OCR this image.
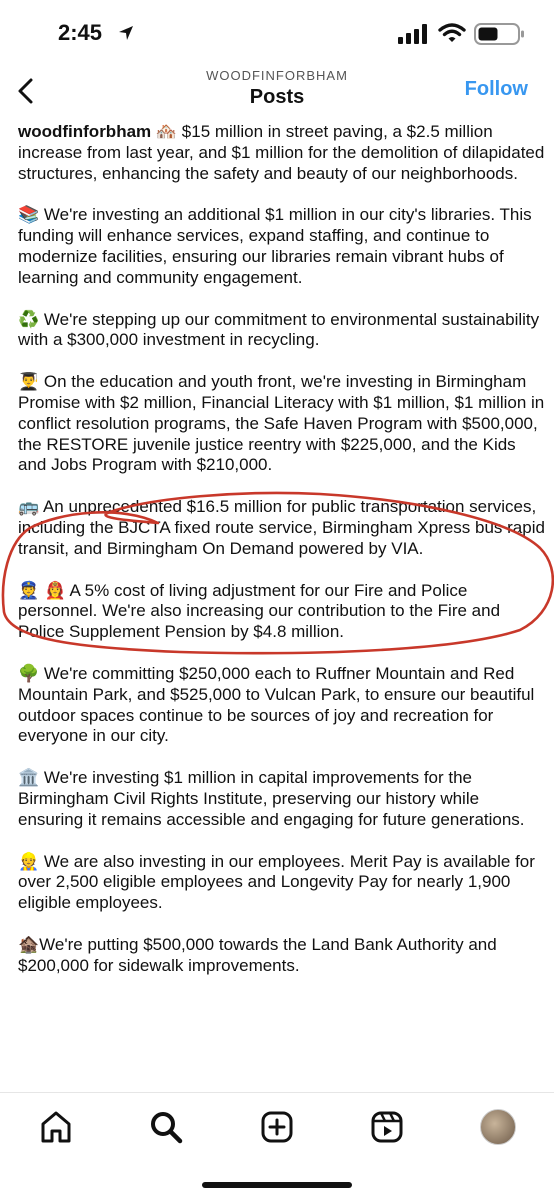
2:45
WOODFINFORBHAM
Posts	Follow

woodfinforbham 🏘️ $15 million in street paving, a $2.5 million increase from last year, and $1 million for the demolition of dilapidated structures, enhancing the safety and beauty of our neighborhoods.

📚 We're investing an additional $1 million in our city's libraries. This funding will enhance services, expand staffing, and continue to modernize facilities, ensuring our libraries remain vibrant hubs of learning and community engagement.

♻️ We're stepping up our commitment to environmental sustainability with a $300,000 investment in recycling.

👨‍🎓 On the education and youth front, we're investing in Birmingham Promise with $2 million, Financial Literacy with $1 million, $1 million in conflict resolution programs, the Safe Haven Program with $500,000, the RESTORE juvenile justice reentry with $225,000, and the Kids and Jobs Program with $210,000.

🚌 An unprecedented $16.5 million for public transportation services, including the BJCTA fixed route service, Birmingham Xpress bus rapid transit, and Birmingham On Demand powered by VIA.

👮 👩‍🚒 A 5% cost of living adjustment for our Fire and Police personnel. We're also increasing our contribution to the Fire and Police Supplement Pension by $4.8 million.

🌳 We're committing $250,000 each to Ruffner Mountain and Red Mountain Park, and $525,000 to Vulcan Park, to ensure our beautiful outdoor spaces continue to be sources of joy and recreation for everyone in our city.

🏛️ We're investing $1 million in capital improvements for the Birmingham Civil Rights Institute, preserving our history while ensuring it remains accessible and engaging for future generations.

👷 We are also investing in our employees. Merit Pay is available for over 2,500 eligible employees and Longevity Pay for nearly 1,900 eligible employees.

🏚️We're putting $500,000 towards the Land Bank Authority and $200,000 for sidewalk improvements.
